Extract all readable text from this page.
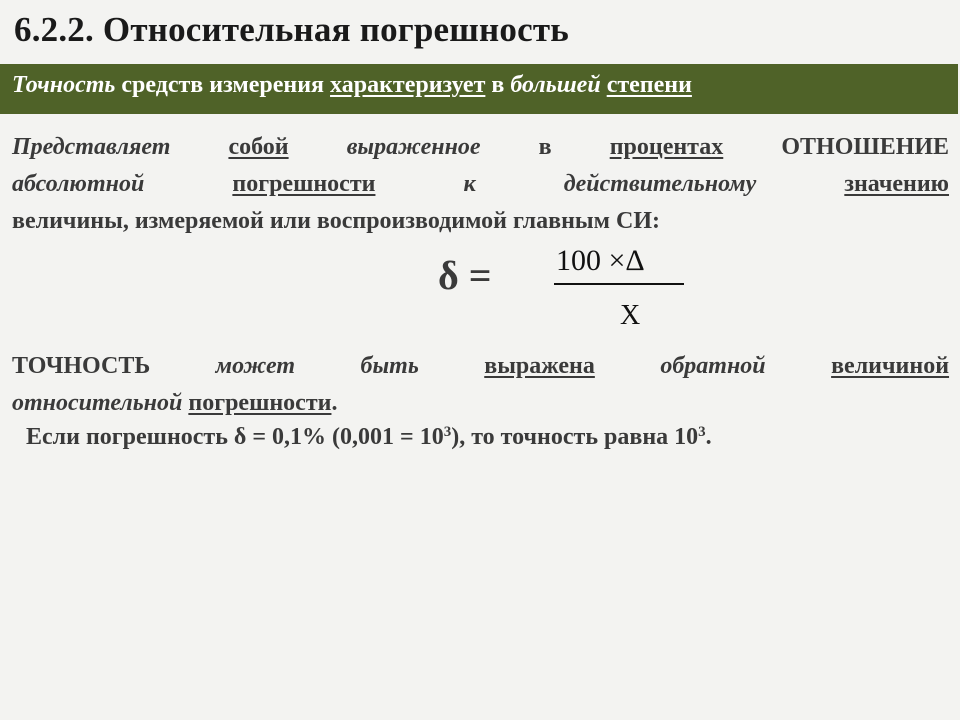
6.2.2. Относительная погрешность
Точность средств измерения характеризует в большей степени
Представляет собой выраженное в процентах ОТНОШЕНИЕ
абсолютной	погрешности	к	действительному	значению
величины, измеряемой или воспроизводимой главным СИ:
δ = 100 ×Δ
X
ТОЧНОСТЬ	может	быть	выражена	обратной	величиной
относительной погрешности.
Если погрешность δ = 0,1% $(0,001 = 10^3)$, то точность равна $10^3$.
